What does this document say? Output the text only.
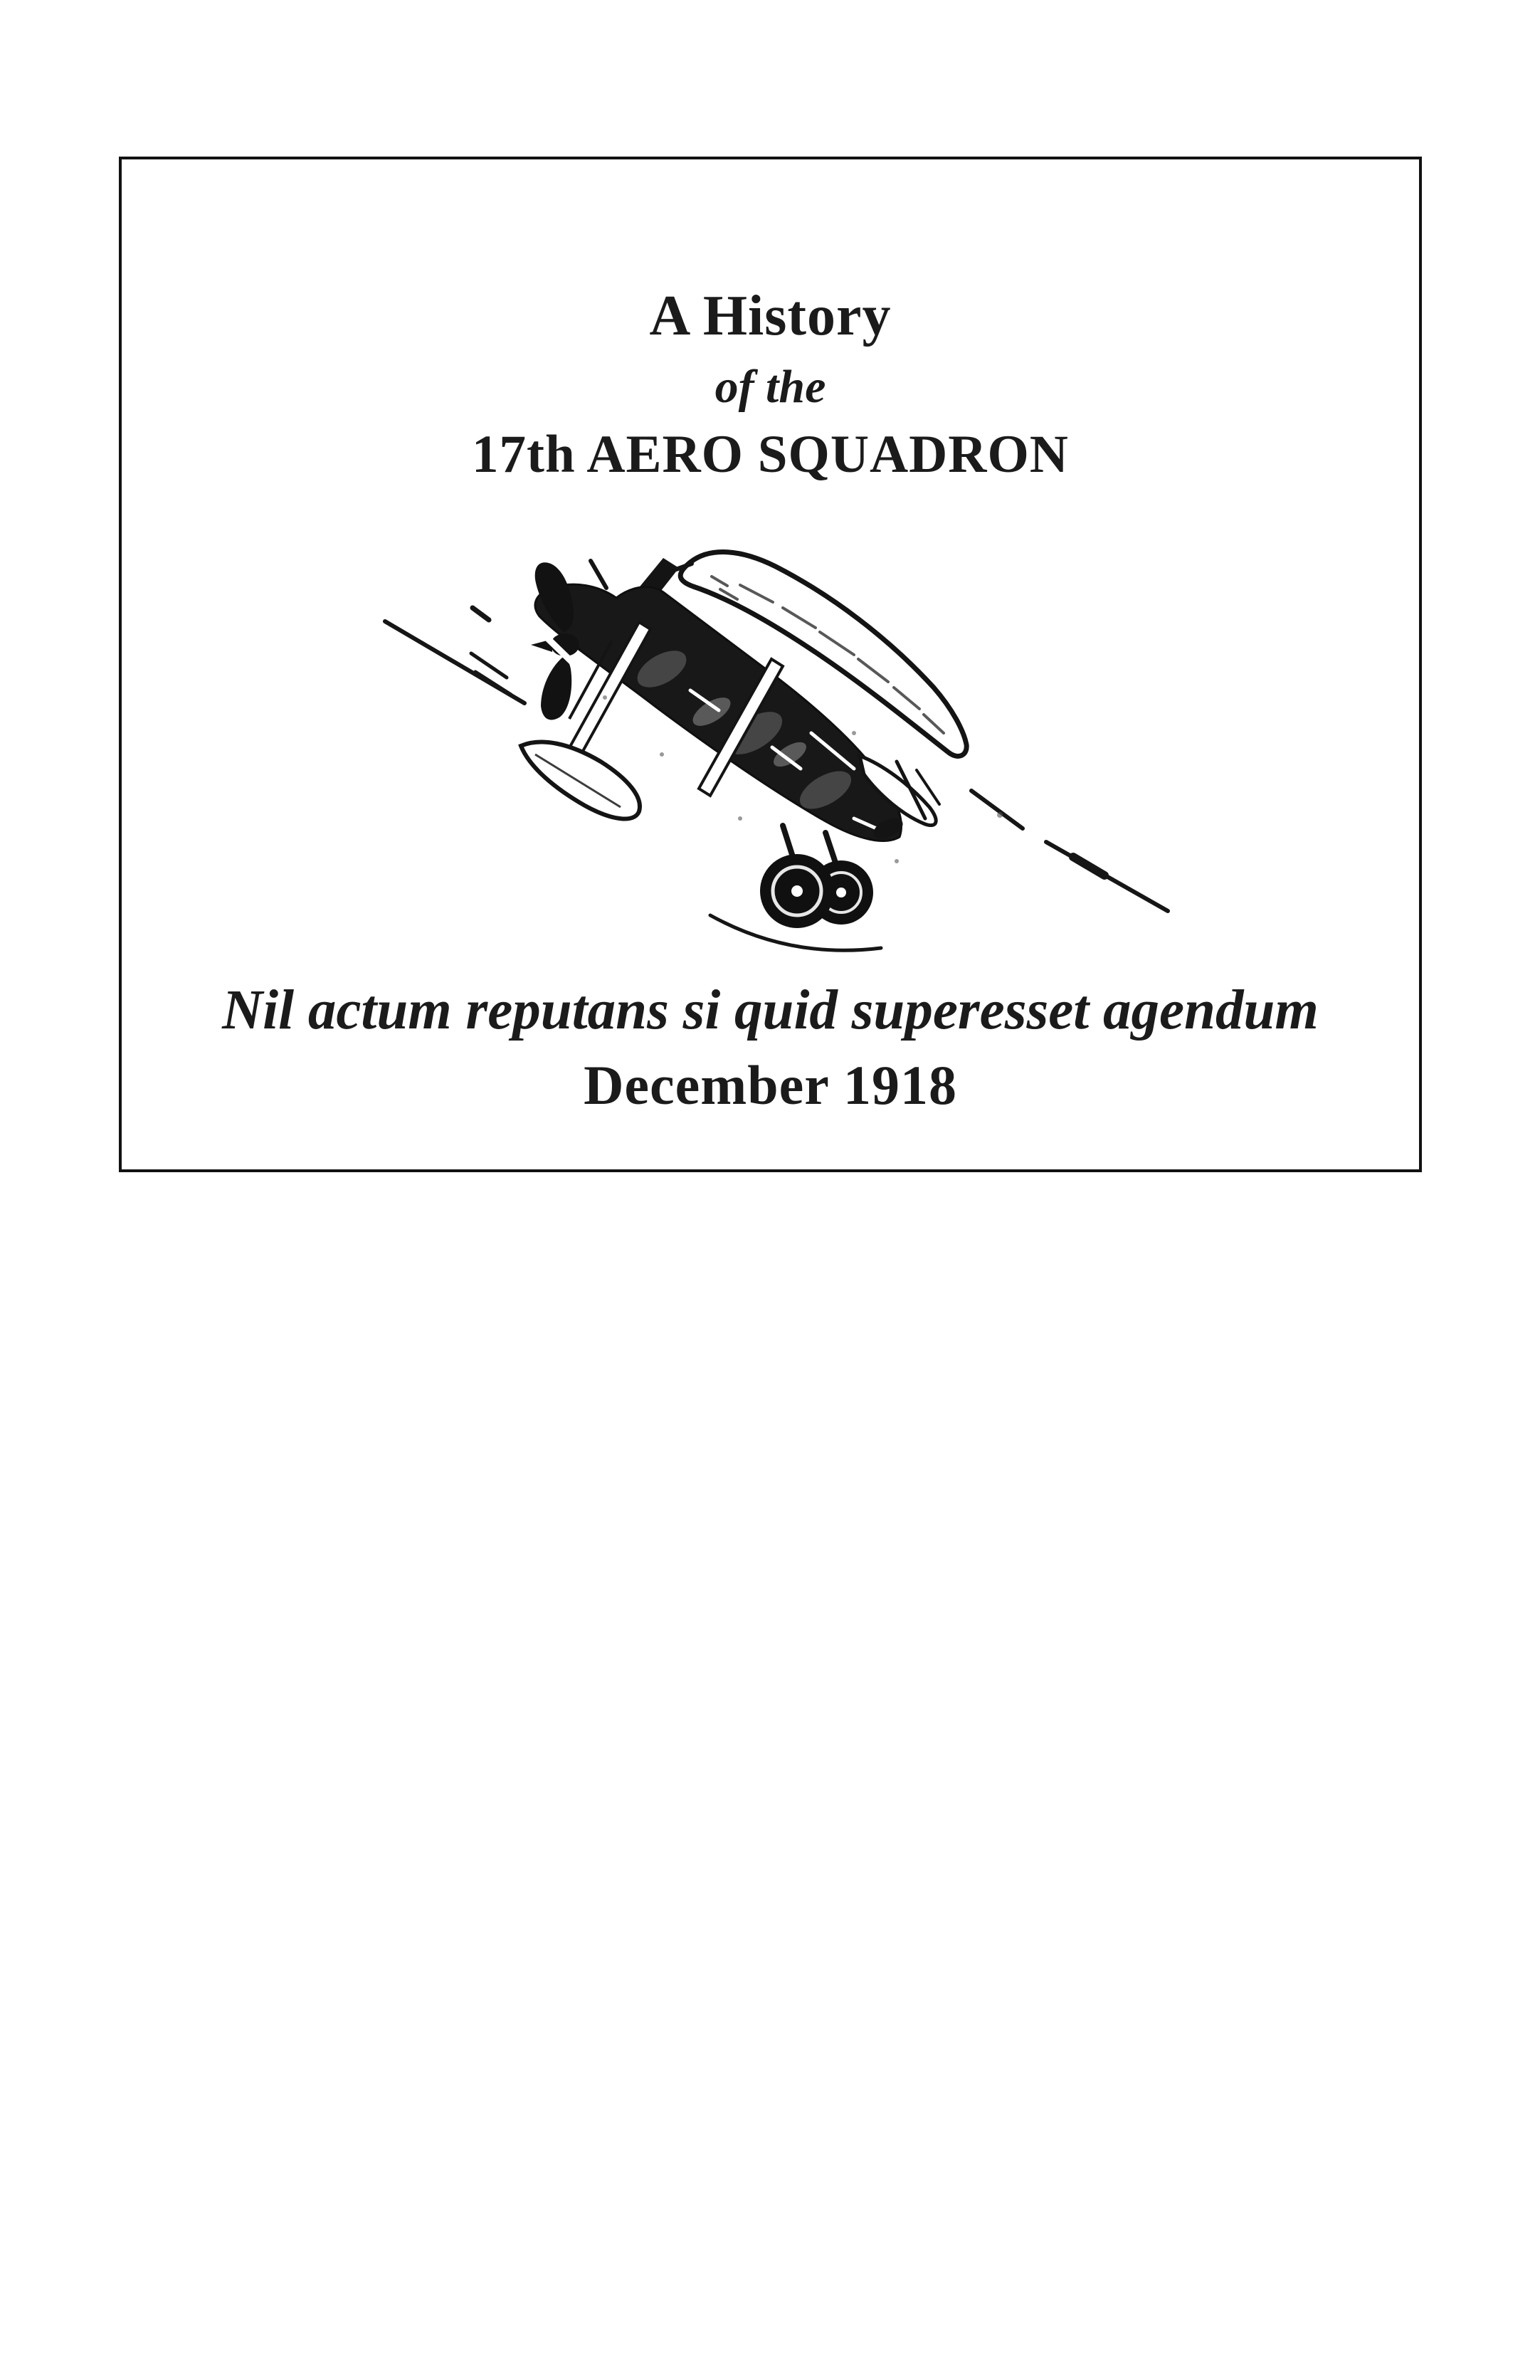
A History
of the
17th AERO SQUADRON
Nil actum reputans si quid superesset agendum
December 1918
